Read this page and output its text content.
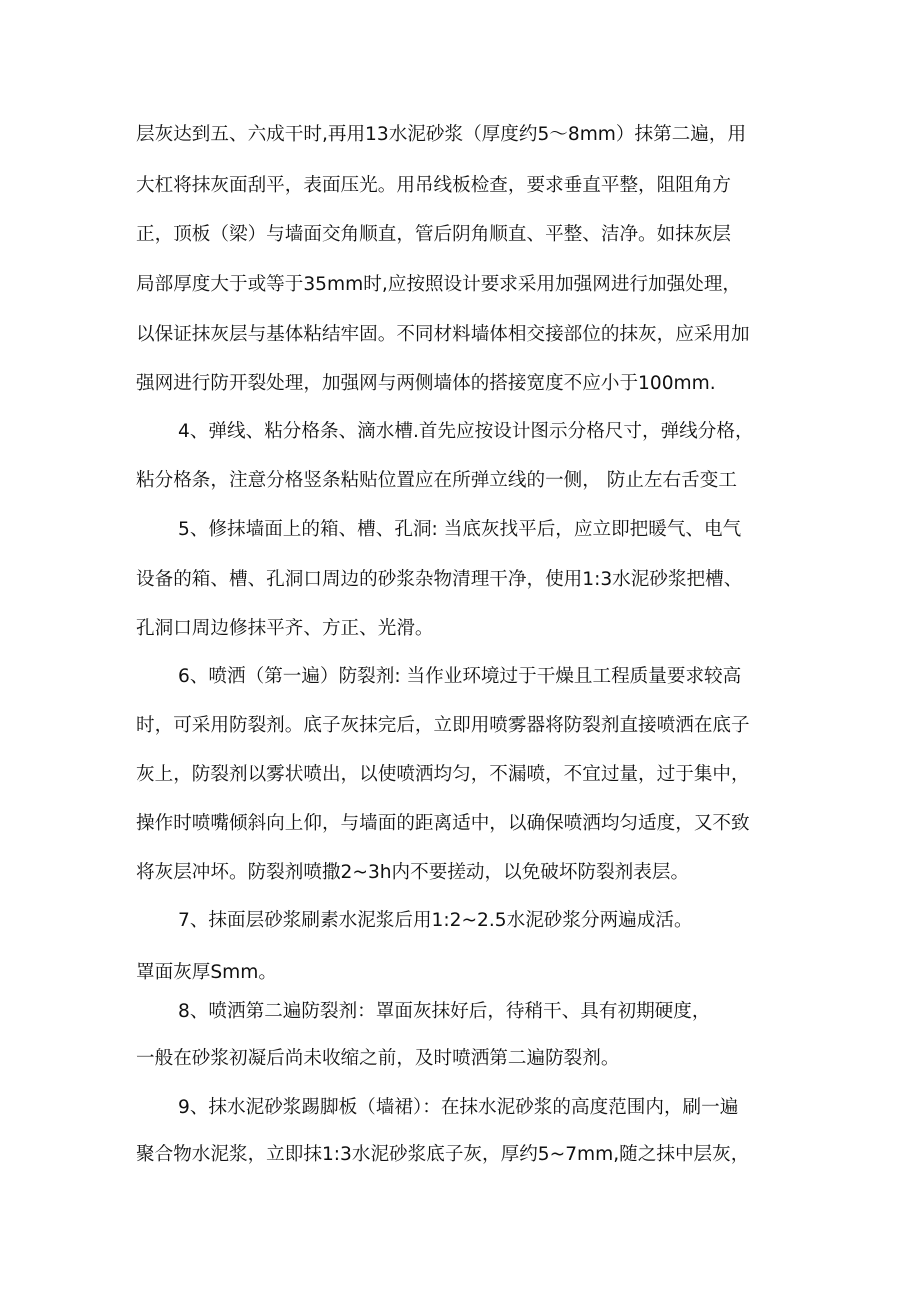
层灰达到五、六成干时,再用13水泥砂浆（厚度约5～8mm）抹第二遍，用
大杠将抹灰面刮平，表面压光。用吊线板检查，要求垂直平整，阻阻角方
正，顶板（梁）与墙面交角顺直，管后阴角顺直、平整、洁净。如抹灰层
局部厚度大于或等于35mm时,应按照设计要求采用加强网进行加强处理，
以保证抹灰层与基体粘结牢固。不同材料墙体相交接部位的抹灰，应采用加
强网进行防开裂处理，加强网与两侧墙体的搭接宽度不应小于100mm.
4、弹线、粘分格条、滴水槽.首先应按设计图示分格尺寸，弹线分格，
粘分格条，注意分格竖条粘贴位置应在所弹立线的一侧， 防止左右舌变工
5、修抹墙面上的箱、槽、孔洞: 当底灰找平后，应立即把暖气、电气
设备的箱、槽、孔洞口周边的砂浆杂物清理干净，使用1:3水泥砂浆把槽、
孔洞口周边修抹平齐、方正、光滑。
6、喷洒（第一遍）防裂剂: 当作业环境过于干燥且工程质量要求较高
时，可采用防裂剂。底子灰抹完后，立即用喷雾器将防裂剂直接喷洒在底子
灰上，防裂剂以雾状喷出，以使喷洒均匀，不漏喷，不宜过量，过于集中，
操作时喷嘴倾斜向上仰，与墙面的距离适中，以确保喷洒均匀适度，又不致
将灰层冲坏。防裂剂喷撒2~3h内不要搓动，以免破坏防裂剂表层。
7、抹面层砂浆刷素水泥浆后用1:2~2.5水泥砂浆分两遍成活。
罩面灰厚Smm。
8、喷洒第二遍防裂剂：罩面灰抹好后，待稍干、具有初期硬度，
一般在砂浆初凝后尚未收缩之前，及时喷洒第二遍防裂剂。
9、抹水泥砂浆踢脚板（墙裙）：在抹水泥砂浆的高度范围内，刷一遍
聚合物水泥浆，立即抹1:3水泥砂浆底子灰，厚约5~7mm,随之抹中层灰，
